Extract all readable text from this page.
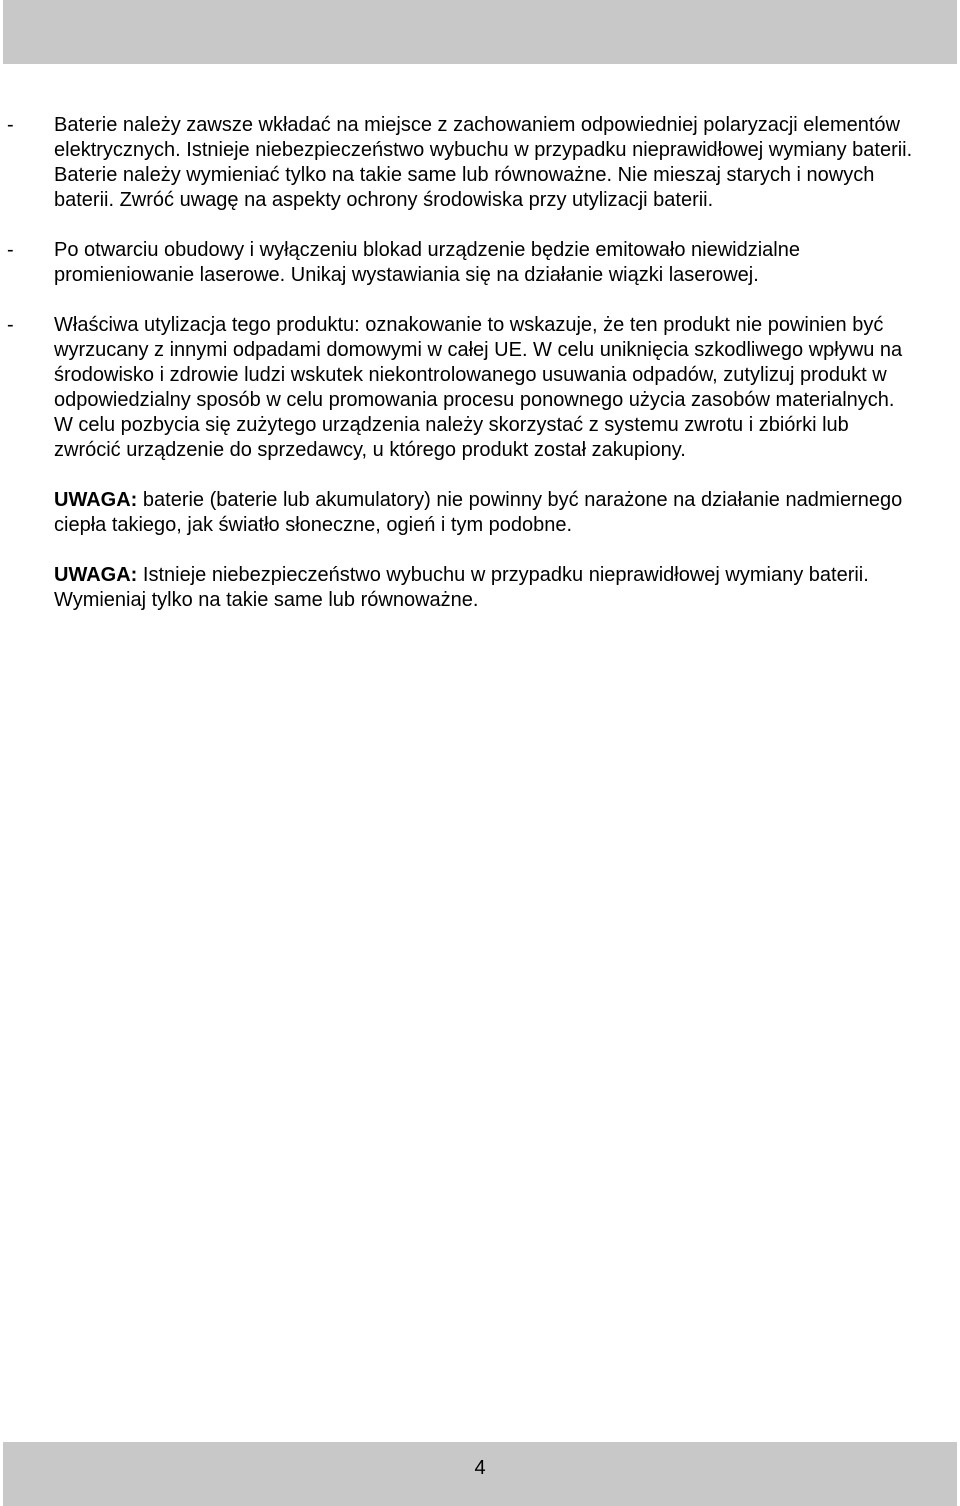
- Baterie należy zawsze wkładać na miejsce z zachowaniem odpowiedniej polaryzacji elementów elektrycznych. Istnieje niebezpieczeństwo wybuchu w przypadku nieprawidłowej wymiany baterii. Baterie należy wymieniać tylko na takie same lub równoważne. Nie mieszaj starych i nowych baterii. Zwróć uwagę na aspekty ochrony środowiska przy utylizacji baterii.
- Po otwarciu obudowy i wyłączeniu blokad urządzenie będzie emitowało niewidzialne promieniowanie laserowe. Unikaj wystawiania się na działanie wiązki laserowej.
- Właściwa utylizacja tego produktu: oznakowanie to wskazuje, że ten produkt nie powinien być wyrzucany z innymi odpadami domowymi w całej UE. W celu uniknięcia szkodliwego wpływu na środowisko i zdrowie ludzi wskutek niekontrolowanego usuwania odpadów, zutylizuj produkt w odpowiedzialny sposób w celu promowania procesu ponownego użycia zasobów materialnych. W celu pozbycia się zużytego urządzenia należy skorzystać z systemu zwrotu i zbiórki lub zwrócić urządzenie do sprzedawcy, u którego produkt został zakupiony.
UWAGA: baterie (baterie lub akumulatory) nie powinny być narażone na działanie nadmiernego ciepła takiego, jak światło słoneczne, ogień i tym podobne.
UWAGA: Istnieje niebezpieczeństwo wybuchu w przypadku nieprawidłowej wymiany baterii. Wymieniaj tylko na takie same lub równoważne.
4
